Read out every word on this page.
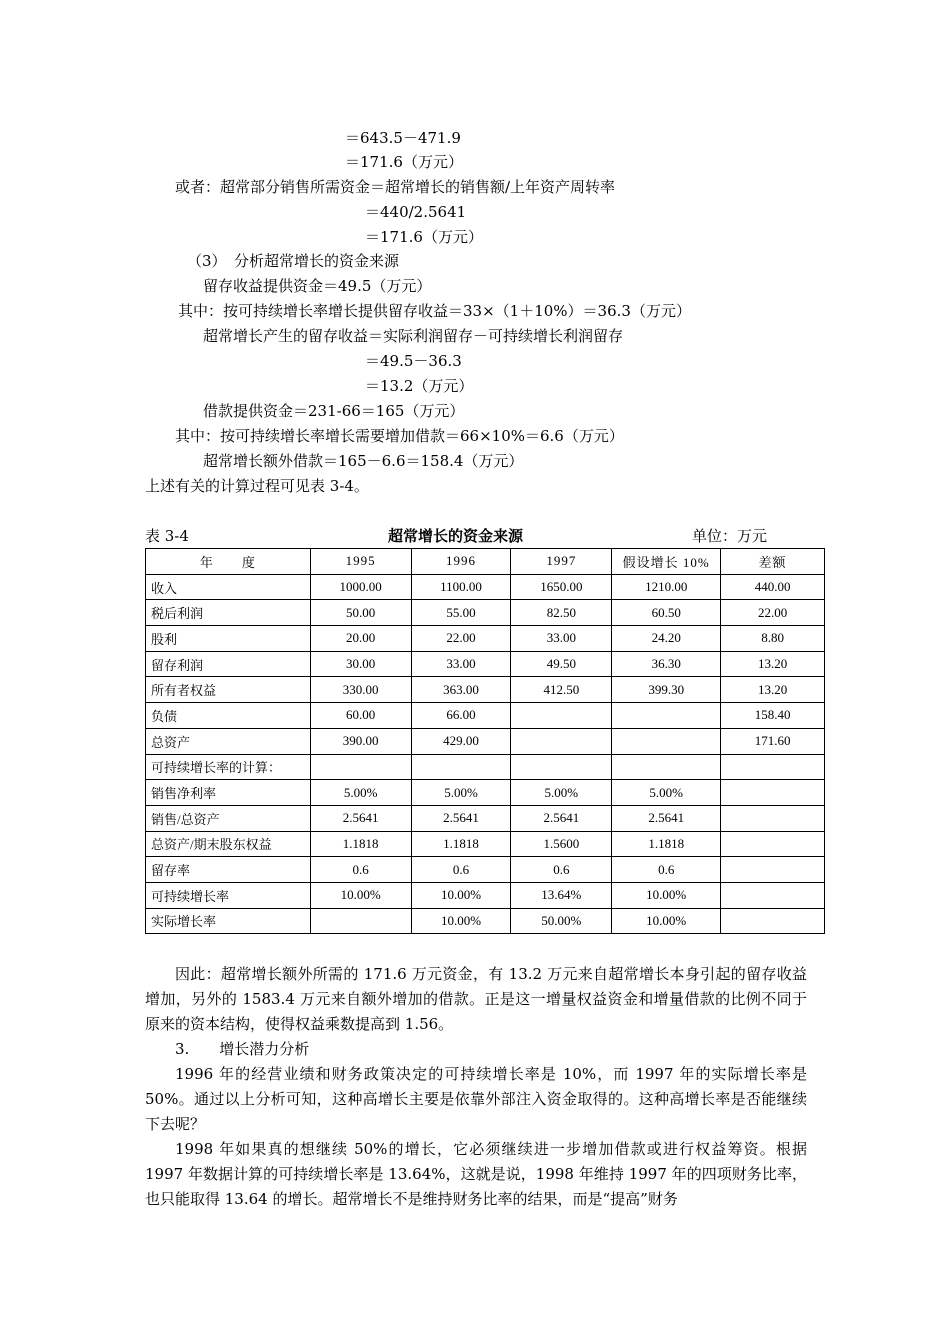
＝643.5－471.9
＝171.6（万元）
或者：超常部分销售所需资金＝超常增长的销售额/上年资产周转率
＝440/2.5641
＝171.6（万元）
（3）　分析超常增长的资金来源
留存收益提供资金＝49.5（万元）
其中：按可持续增长率增长提供留存收益＝33×（1＋10%）＝36.3（万元）
超常增长产生的留存收益＝实际利润留存－可持续增长利润留存
＝49.5－36.3
＝13.2（万元）
借款提供资金＝231-66＝165（万元）
其中：按可持续增长率增长需要增加借款＝66×10%＝6.6（万元）
超常增长额外借款＝165－6.6＝158.4（万元）
上述有关的计算过程可见表 3-4。
表 3-4	超常增长的资金来源	单位：万元
年　　度	1995	1996	1997	假设增长 10%	差额
收入	1000.00	1100.00	1650.00	1210.00	440.00
税后利润	50.00	55.00	82.50	60.50	22.00
股利	20.00	22.00	33.00	24.20	8.80
留存利润	30.00	33.00	49.50	36.30	13.20
所有者权益	330.00	363.00	412.50	399.30	13.20
负债	60.00	66.00			158.40
总资产	390.00	429.00			171.60
可持续增长率的计算：					
销售净利率	5.00%	5.00%	5.00%	5.00%	
销售/总资产	2.5641	2.5641	2.5641	2.5641	
总资产/期末股东权益	1.1818	1.1818	1.5600	1.1818	
留存率	0.6	0.6	0.6	0.6	
可持续增长率	10.00%	10.00%	13.64%	10.00%	
实际增长率		10.00%	50.00%	10.00%	

因此：超常增长额外所需的 171.6 万元资金，有 13.2 万元来自超常增长本身引起的留存收益增加，另外的 1583.4 万元来自额外增加的借款。正是这一增量权益资金和增量借款的比例不同于原来的资本结构，使得权益乘数提高到 1.56。

3.　　增长潜力分析

1996 年的经营业绩和财务政策决定的可持续增长率是 10%，而 1997 年的实际增长率是 50%。通过以上分析可知，这种高增长主要是依靠外部注入资金取得的。这种高增长率是否能继续下去呢？

1998 年如果真的想继续 50%的增长，它必须继续进一步增加借款或进行权益筹资。根据 1997 年数据计算的可持续增长率是 13.64%，这就是说，1998 年维持 1997 年的四项财务比率，也只能取得 13.64 的增长。超常增长不是维持财务比率的结果，而是“提高”财务
